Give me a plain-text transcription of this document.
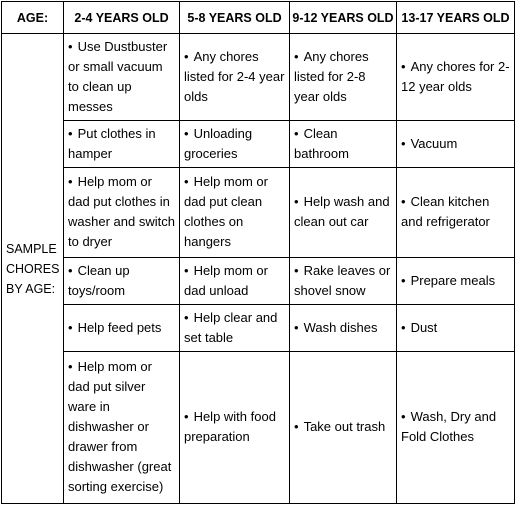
AGE:	2-4 YEARS OLD	5-8 YEARS OLD	9-12 YEARS OLD	13-17 YEARS OLD
SAMPLE CHORES BY AGE:	• Use Dustbuster or small vacuum to clean up messes	• Any chores listed for 2-4 year olds	• Any chores listed for 2-8 year olds	• Any chores for 2-12 year olds
	• Put clothes in hamper	• Unloading groceries	• Clean bathroom	• Vacuum
	• Help mom or dad put clothes in washer and switch to dryer	• Help mom or dad put clean clothes on hangers	• Help wash and clean out car	• Clean kitchen and refrigerator
	• Clean up toys/room	• Help mom or dad unload	• Rake leaves or shovel snow	• Prepare meals
	• Help feed pets	• Help clear and set table	• Wash dishes	• Dust
	• Help mom or dad put silver ware in dishwasher or drawer from dishwasher (great sorting exercise)	• Help with food preparation	• Take out trash	• Wash, Dry and Fold Clothes
